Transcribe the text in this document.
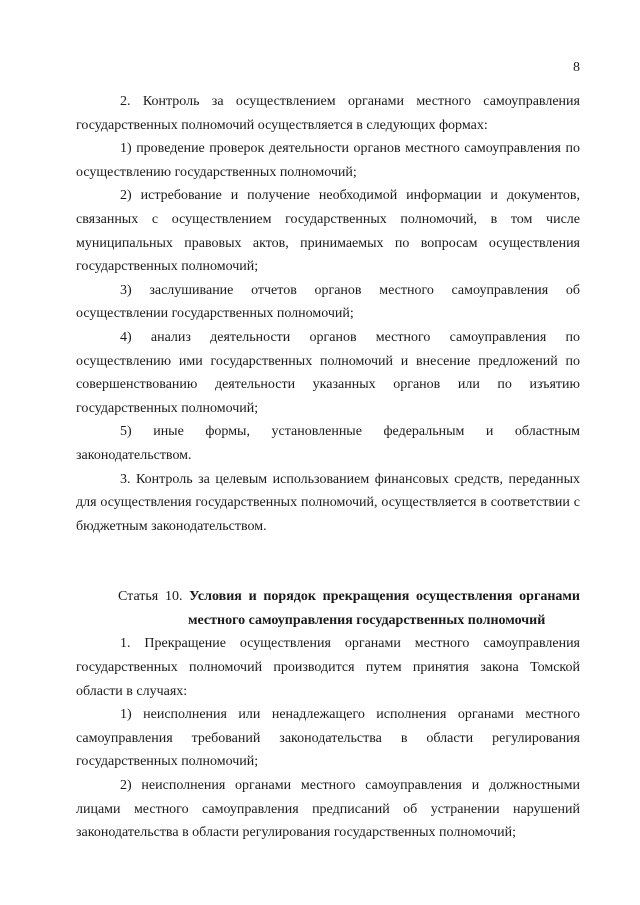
8

2. Контроль за осуществлением органами местного самоуправления государственных полномочий осуществляется в следующих формах:

1) проведение проверок деятельности органов местного самоуправления по осуществлению государственных полномочий;

2) истребование и получение необходимой информации и документов, связанных с осуществлением государственных полномочий, в том числе муниципальных правовых актов, принимаемых по вопросам осуществления государственных полномочий;

3) заслушивание отчетов органов местного самоуправления об осуществлении государственных полномочий;

4) анализ деятельности органов местного самоуправления по осуществлению ими государственных полномочий и внесение предложений по совершенствованию деятельности указанных органов или по изъятию государственных полномочий;

5) иные формы, установленные федеральным и областным законодательством.

3. Контроль за целевым использованием финансовых средств, переданных для осуществления государственных полномочий, осуществляется в соответствии с бюджетным законодательством.

Статья 10. Условия и порядок прекращения осуществления органами местного самоуправления государственных полномочий

1. Прекращение осуществления органами местного самоуправления государственных полномочий производится путем принятия закона Томской области в случаях:

1) неисполнения или ненадлежащего исполнения органами местного самоуправления требований законодательства в области регулирования государственных полномочий;

2) неисполнения органами местного самоуправления и должностными лицами местного самоуправления предписаний об устранении нарушений законодательства в области регулирования государственных полномочий;
